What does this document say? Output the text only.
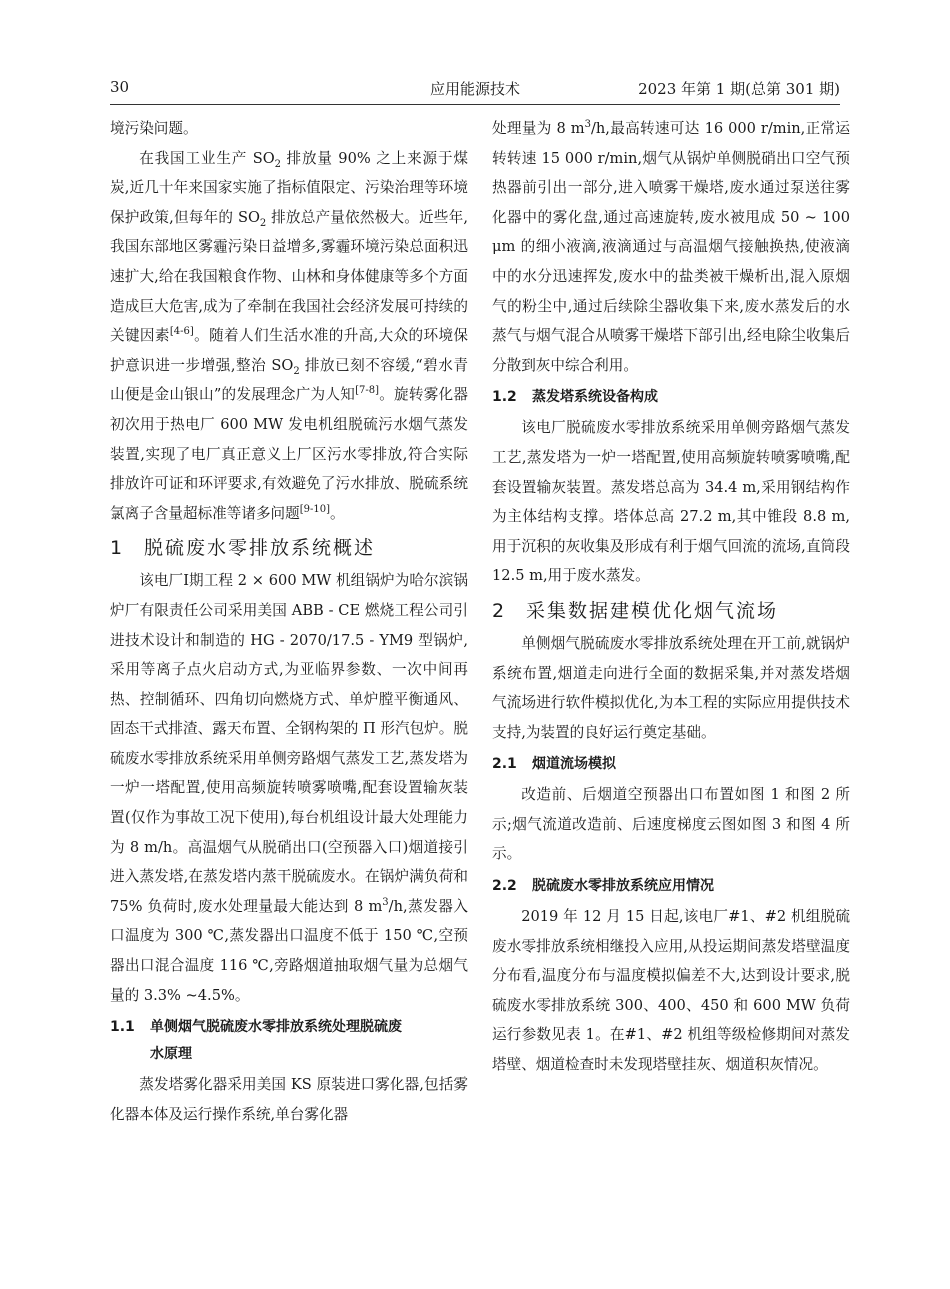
30	应用能源技术	2023 年第 1 期(总第 301 期)

境污染问题。

在我国工业生产 $SO_2$ 排放量 90% 之上来源于煤炭,近几十年来国家实施了指标值限定、污染治理等环境保护政策,但每年的 $SO_2$ 排放总产量依然极大。近些年,我国东部地区雾霾污染日益增多,雾霾环境污染总面积迅速扩大,给在我国粮食作物、山林和身体健康等多个方面造成巨大危害,成为了牵制在我国社会经济发展可持续的关键因素[4-6]。随着人们生活水准的升高,大众的环境保护意识进一步增强,整治 $SO_2$ 排放已刻不容缓,“碧水青山便是金山银山”的发展理念广为人知[7-8]。旋转雾化器初次用于热电厂 600 MW 发电机组脱硫污水烟气蒸发装置,实现了电厂真正意义上厂区污水零排放,符合实际排放许可证和环评要求,有效避免了污水排放、脱硫系统氯离子含量超标准等诸多问题[9-10]。

1 脱硫废水零排放系统概述

该电厂Ⅰ期工程 2 × 600 MW 机组锅炉为哈尔滨锅炉厂有限责任公司采用美国 ABB - CE 燃烧工程公司引进技术设计和制造的 HG - 2070/17.5 - YM9 型锅炉,采用等离子点火启动方式,为亚临界参数、一次中间再热、控制循环、四角切向燃烧方式、单炉膛平衡通风、固态干式排渣、露天布置、全钢构架的 Π 形汽包炉。脱硫废水零排放系统采用单侧旁路烟气蒸发工艺,蒸发塔为一炉一塔配置,使用高频旋转喷雾喷嘴,配套设置输灰装置(仅作为事故工况下使用),每台机组设计最大处理能力为 8 m/h。高温烟气从脱硝出口(空预器入口)烟道接引进入蒸发塔,在蒸发塔内蒸干脱硫废水。在锅炉满负荷和 75% 负荷时,废水处理量最大能达到 8 $m^3/h$,蒸发器入口温度为 300 ℃,蒸发器出口温度不低于 150 ℃,空预器出口混合温度 116 ℃,旁路烟道抽取烟气量为总烟气量的 3.3% ~4.5%。

1.1 单侧烟气脱硫废水零排放系统处理脱硫废
水原理

蒸发塔雾化器采用美国 KS 原装进口雾化器,包括雾化器本体及运行操作系统,单台雾化器

处理量为 8 $m^3/h$,最高转速可达 16 000 r/min,正常运转转速 15 000 r/min,烟气从锅炉单侧脱硝出口空气预热器前引出一部分,进入喷雾干燥塔,废水通过泵送往雾化器中的雾化盘,通过高速旋转,废水被甩成 50 ~ 100 μm 的细小液滴,液滴通过与高温烟气接触换热,使液滴中的水分迅速挥发,废水中的盐类被干燥析出,混入原烟气的粉尘中,通过后续除尘器收集下来,废水蒸发后的水蒸气与烟气混合从喷雾干燥塔下部引出,经电除尘收集后分散到灰中综合利用。

1.2 蒸发塔系统设备构成

该电厂脱硫废水零排放系统采用单侧旁路烟气蒸发工艺,蒸发塔为一炉一塔配置,使用高频旋转喷雾喷嘴,配套设置输灰装置。蒸发塔总高为 34.4 m,采用钢结构作为主体结构支撑。塔体总高 27.2 m,其中锥段 8.8 m,用于沉积的灰收集及形成有利于烟气回流的流场,直筒段 12.5 m,用于废水蒸发。

2 采集数据建模优化烟气流场

单侧烟气脱硫废水零排放系统处理在开工前,就锅炉系统布置,烟道走向进行全面的数据采集,并对蒸发塔烟气流场进行软件模拟优化,为本工程的实际应用提供技术支持,为装置的良好运行奠定基础。

2.1 烟道流场模拟

改造前、后烟道空预器出口布置如图 1 和图 2 所示;烟气流道改造前、后速度梯度云图如图 3 和图 4 所示。

2.2 脱硫废水零排放系统应用情况

2019 年 12 月 15 日起,该电厂#1、#2 机组脱硫废水零排放系统相继投入应用,从投运期间蒸发塔壁温度分布看,温度分布与温度模拟偏差不大,达到设计要求,脱硫废水零排放系统 300、400、450 和 600 MW 负荷运行参数见表 1。在#1、#2 机组等级检修期间对蒸发塔壁、烟道检查时未发现塔壁挂灰、烟道积灰情况。
